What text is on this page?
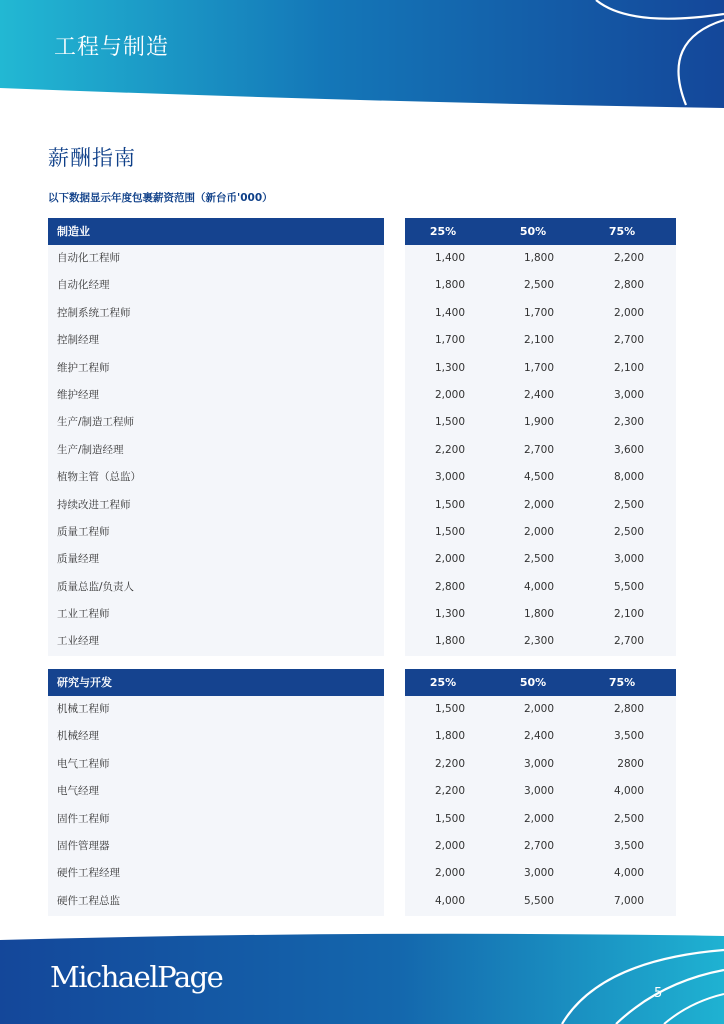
工程与制造
薪酬指南
以下数据显示年度包裹薪资范围（新台币'000）
制造业	25%	50%	75%
自动化工程师	1,400	1,800	2,200
自动化经理	1,800	2,500	2,800
控制系统工程师	1,400	1,700	2,000
控制经理	1,700	2,100	2,700
维护工程师	1,300	1,700	2,100
维护经理	2,000	2,400	3,000
生产/制造工程师	1,500	1,900	2,300
生产/制造经理	2,200	2,700	3,600
植物主管（总监）	3,000	4,500	8,000
持续改进工程师	1,500	2,000	2,500
质量工程师	1,500	2,000	2,500
质量经理	2,000	2,500	3,000
质量总监/负责人	2,800	4,000	5,500
工业工程师	1,300	1,800	2,100
工业经理	1,800	2,300	2,700
研究与开发	25%	50%	75%
机械工程师	1,500	2,000	2,800
机械经理	1,800	2,400	3,500
电气工程师	2,200	3,000	2800
电气经理	2,200	3,000	4,000
固件工程师	1,500	2,000	2,500
固件管理器	2,000	2,700	3,500
硬件工程经理	2,000	3,000	4,000
硬件工程总监	4,000	5,500	7,000
MichaelPage	5
